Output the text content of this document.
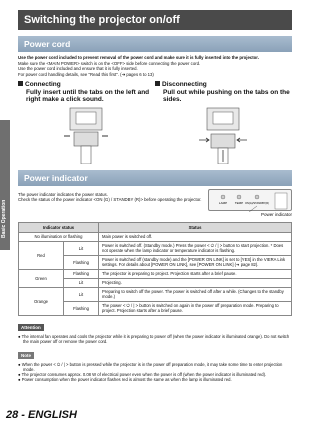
Basic Operation
Switching the projector on/off
Power cord
Use the power cord included to prevent removal of the power cord and make sure it is fully inserted into the projector.
Make sure the <MAIN POWER> switch is on the <OFF> side before connecting the power cord.
Use the power cord included and ensure that it is fully inserted.
For power cord handling details, see "Read this first". (➜ pages 6 to 13)
Connecting
Fully insert until the tabs on the left and right make a click sound.
Disconnecting
Pull out while pushing on the tabs on the sides.
Power indicator
The power indicator indicates the power status.
Check the status of the power indicator <ON (G) / STANDBY (R)> before operating the projector.
LAMP	TEMP ON(G)/STANDBY(R)
Power indicator
Indicator status		Status
No illumination or flashing		Main power is switched off.
Red	Lit	Power is switched off. (Standby mode.) Press the power < ⏻ / | > button to start projection. * Does not operate when the lamp indicator or temperature indicator is flashing.
	Flashing	Power is switched off (standby mode) and the [POWER ON LINK] is set to [YES] in the VIERA Link settings. For details about [POWER ON LINK], see [POWER ON LINK] (➜ page 82).
Green	Flashing	The projector is preparing to project. Projection starts after a brief pause.
	Lit	Projecting.
Orange	Lit	Preparing to switch off the power. The power is switched off after a while. (Changes to the standby mode.)
	Flashing	The power < ⏻ / | > button is switched on again in the power off preparation mode. Preparing to project. Projection starts after a brief pause.
Attention
● The internal fan operates and cools the projector while it is preparing to power off (when the power indicator is illuminated orange). Do not switch the main power off or remove the power cord.
Note
● When the power < ⏻ / | > button is pressed while the projector is in the power off preparation mode, it may take some time to enter projection mode.
● The projector consumes approx. 0.08 W of electrical power even when the power is off (when the power indicator is illuminated red).
● Power consumption when the power indicator flashes red is almost the same as when the lamp is illuminated red.
28 - ENGLISH
